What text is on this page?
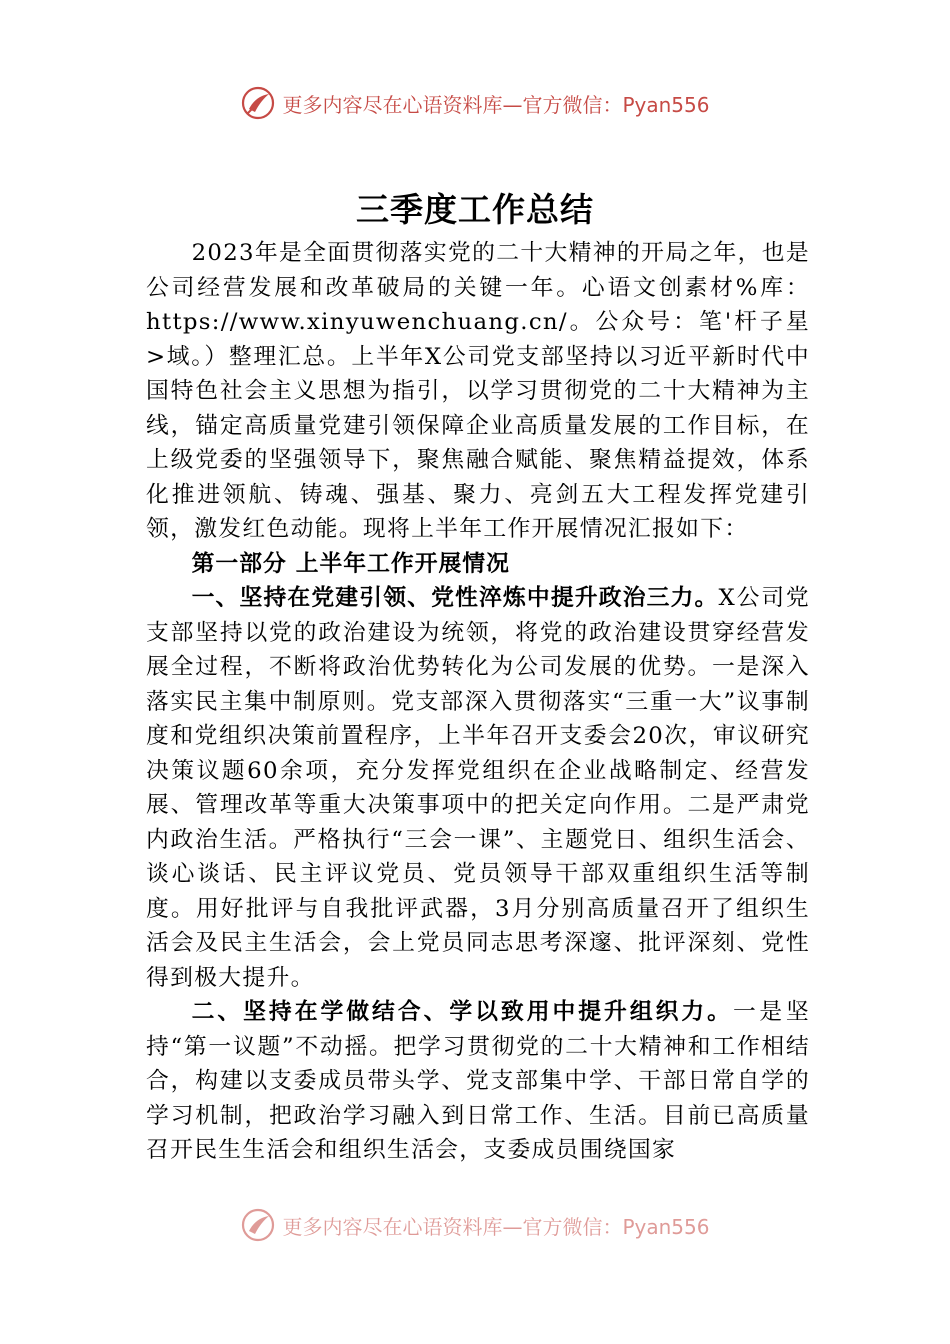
更多内容尽在心语资料库—官方微信：Pyan556
三季度工作总结

2023年是全面贯彻落实党的二十大精神的开局之年，也是公司经营发展和改革破局的关键一年。心语文创素材%库：https://www.xinyuwenchuang.cn/。公众号：笔'杆子星>域。）整理汇总。上半年X公司党支部坚持以习近平新时代中国特色社会主义思想为指引，以学习贯彻党的二十大精神为主线，锚定高质量党建引领保障企业高质量发展的工作目标，在上级党委的坚强领导下，聚焦融合赋能、聚焦精益提效，体系化推进领航、铸魂、强基、聚力、亮剑五大工程发挥党建引领，激发红色动能。现将上半年工作开展情况汇报如下：

第一部分 上半年工作开展情况

一、坚持在党建引领、党性淬炼中提升政治三力。X公司党支部坚持以党的政治建设为统领，将党的政治建设贯穿经营发展全过程，不断将政治优势转化为公司发展的优势。一是深入落实民主集中制原则。党支部深入贯彻落实“三重一大”议事制度和党组织决策前置程序，上半年召开支委会20次，审议研究决策议题60余项，充分发挥党组织在企业战略制定、经营发展、管理改革等重大决策事项中的把关定向作用。二是严肃党内政治生活。严格执行“三会一课”、主题党日、组织生活会、谈心谈话、民主评议党员、党员领导干部双重组织生活等制度。用好批评与自我批评武器，3月分别高质量召开了组织生活会及民主生活会，会上党员同志思考深邃、批评深刻、党性得到极大提升。

二、坚持在学做结合、学以致用中提升组织力。一是坚持“第一议题”不动摇。把学习贯彻党的二十大精神和工作相结合，构建以支委成员带头学、党支部集中学、干部日常自学的学习机制，把政治学习融入到日常工作、生活。目前已高质量召开民生生活会和组织生活会，支委成员围绕国家

更多内容尽在心语资料库—官方微信：Pyan556
